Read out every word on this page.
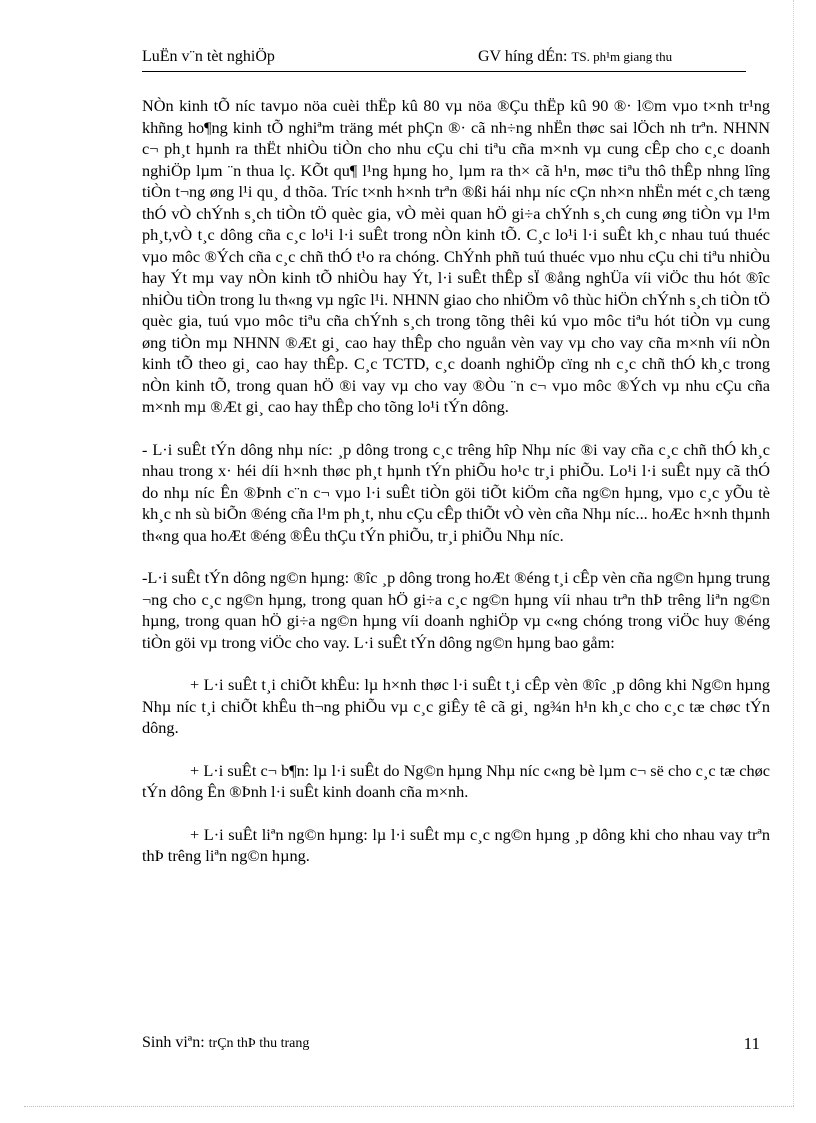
LuËn v¨n tèt nghiÖp	GV híng dÉn: TS. ph¹m giang thu

NÒn kinh tÕ níc tavµo nöa cuèi thËp kû 80 vµ nöa ®Çu thËp kû 90 ®· l©m vµo t×nh tr¹ng khñng ho¶ng kinh tÕ nghiªm träng mét phÇn ®· cã nh÷ng nhËn thøc sai lÖch nh trªn. NHNN c¬ ph¸t hµnh ra thËt nhiÒu tiÒn cho nhu cÇu chi tiªu cña m×nh vµ cung cÊp cho c¸c doanh nghiÖp lµm ¨n thua lç. KÕt qu¶ l¹ng hµng ho¸ lµm ra th× cã h¹n, møc tiªu thô thÊp nhng lîng tiÒn t¬ng øng l¹i qu¸ d thõa. Tríc t×nh h×nh trªn ®ßi hái nhµ níc cÇn nh×n nhËn mét c¸ch tæng thÓ vÒ chÝnh s¸ch tiÒn tÖ quèc gia, vÒ mèi quan hÖ gi÷a chÝnh s¸ch cung øng tiÒn vµ l¹m ph¸t,vÒ t¸c dông cña c¸c lo¹i l·i suÊt trong nÒn kinh tÕ. C¸c lo¹i l·i suÊt kh¸c nhau tuú thuéc vµo môc ®Ých cña c¸c chñ thÓ t¹o ra chóng. ChÝnh phñ tuú thuéc vµo nhu cÇu chi tiªu nhiÒu hay Ýt mµ vay nÒn kinh tÕ nhiÒu hay Ýt, l·i suÊt thÊp sÏ ®ång nghÜa víi viÖc thu hót ®îc nhiÒu tiÒn trong lu th«ng vµ ngîc l¹i. NHNN giao cho nhiÖm vô thùc hiÖn chÝnh s¸ch tiÒn tÖ quèc gia, tuú vµo môc tiªu cña chÝnh s¸ch trong tõng thêi kú vµo môc tiªu hót tiÒn vµ cung øng tiÒn mµ NHNN ®Æt gi¸ cao hay thÊp cho nguån vèn vay vµ cho vay cña m×nh víi nÒn kinh tÕ theo gi¸ cao hay thÊp. C¸c TCTD, c¸c doanh nghiÖp cïng nh c¸c chñ thÓ kh¸c trong nÒn kinh tÕ, trong quan hÖ ®i vay vµ cho vay ®Òu ¨n c¬ vµo môc ®Ých vµ nhu cÇu cña m×nh mµ ®Æt gi¸ cao hay thÊp cho tõng lo¹i tÝn dông.

- L·i suÊt tÝn dông nhµ níc: ¸p dông trong c¸c trêng hîp Nhµ níc ®i vay cña c¸c chñ thÓ kh¸c nhau trong x· héi díi h×nh thøc ph¸t hµnh tÝn phiÕu ho¹c tr¸i phiÕu. Lo¹i l·i suÊt nµy cã thÓ do nhµ níc Ên ®Þnh c¨n c¬ vµo l·i suÊt tiÒn göi tiÕt kiÖm cña ng©n hµng, vµo c¸c yÕu tè kh¸c nh sù biÕn ®éng cña l¹m ph¸t, nhu cÇu cÊp thiÕt vÒ vèn cña Nhµ níc... hoÆc h×nh thµnh th«ng qua hoÆt ®éng ®Êu thÇu tÝn phiÕu, tr¸i phiÕu Nhµ níc.

-L·i suÊt tÝn dông ng©n hµng: ®îc ¸p dông trong hoÆt ®éng t¸i cÊp vèn cña ng©n hµng trung ¬ng cho c¸c ng©n hµng, trong quan hÖ gi÷a c¸c ng©n hµng víi nhau trªn thÞ trêng liªn ng©n hµng, trong quan hÖ gi÷a ng©n hµng víi doanh nghiÖp vµ c«ng chóng trong viÖc huy ®éng tiÒn göi vµ trong viÖc cho vay. L·i suÊt tÝn dông ng©n hµng bao gåm:

+ L·i suÊt t¸i chiÕt khÊu: lµ h×nh thøc l·i suÊt t¸i cÊp vèn ®îc ¸p dông khi Ng©n hµng Nhµ níc t¸i chiÕt khÊu th¬ng phiÕu vµ c¸c giÊy tê cã gi¸ ng¾n h¹n kh¸c cho c¸c tæ chøc tÝn dông.

+ L·i suÊt c¬ b¶n: lµ l·i suÊt do Ng©n hµng Nhµ níc c«ng bè lµm c¬ së cho c¸c tæ chøc tÝn dông Ên ®Þnh l·i suÊt kinh doanh cña m×nh.

+ L·i suÊt liªn ng©n hµng: lµ l·i suÊt mµ c¸c ng©n hµng ¸p dông khi cho nhau vay trªn thÞ trêng liªn ng©n hµng.

Sinh viªn: trÇn thÞ thu trang	11
